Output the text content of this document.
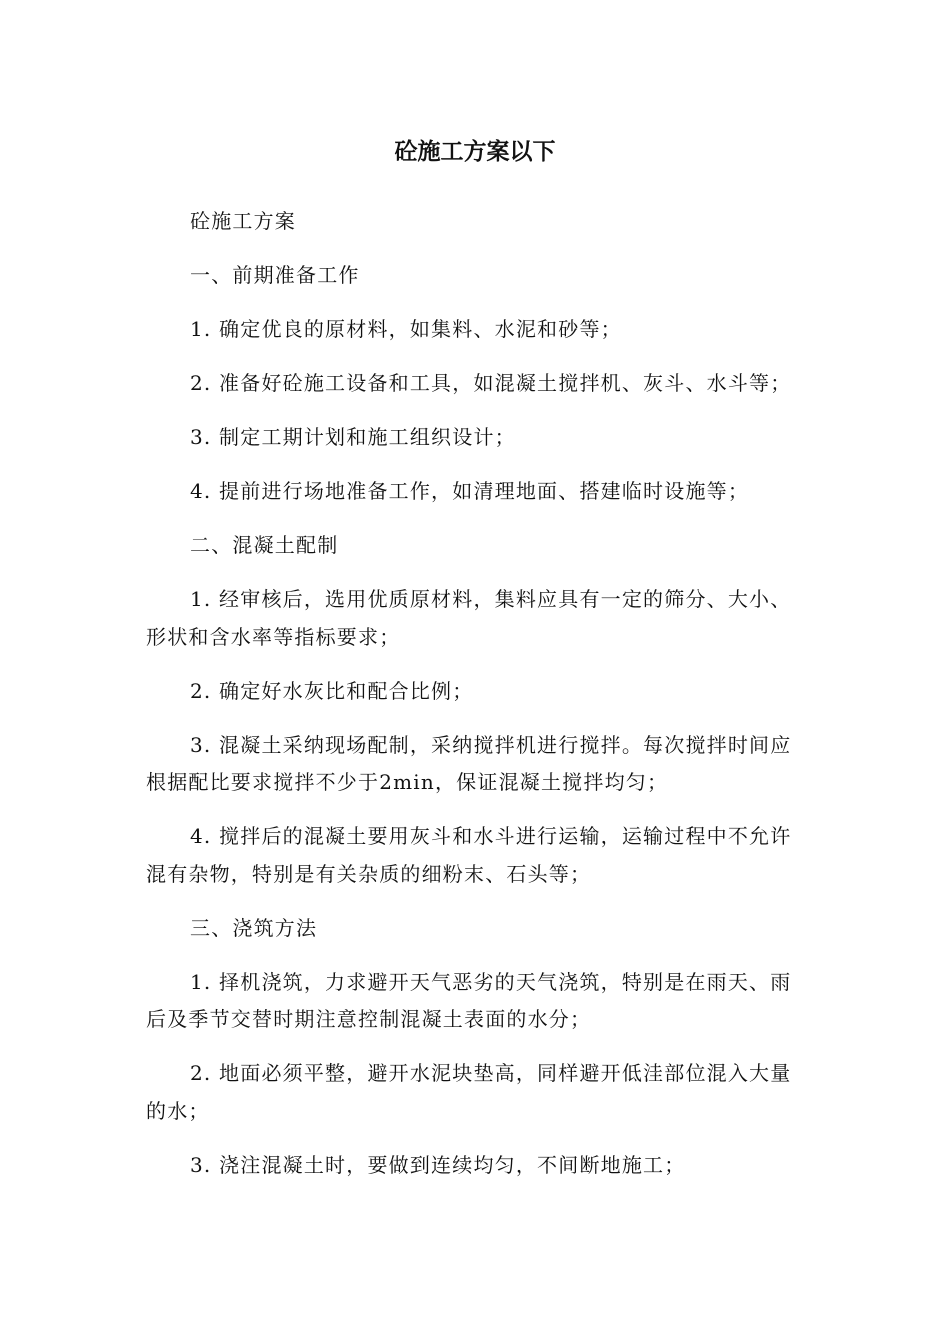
砼施工方案以下

砼施工方案

一、前期准备工作

1. 确定优良的原材料，如集料、水泥和砂等；

2. 准备好砼施工设备和工具，如混凝土搅拌机、灰斗、水斗等；

3. 制定工期计划和施工组织设计；

4. 提前进行场地准备工作，如清理地面、搭建临时设施等；

二、混凝土配制

1. 经审核后，选用优质原材料，集料应具有一定的筛分、大小、形状和含水率等指标要求；

2. 确定好水灰比和配合比例；

3. 混凝土采纳现场配制，采纳搅拌机进行搅拌。每次搅拌时间应根据配比要求搅拌不少于2min，保证混凝土搅拌均匀；

4. 搅拌后的混凝土要用灰斗和水斗进行运输，运输过程中不允许混有杂物，特别是有关杂质的细粉末、石头等；

三、浇筑方法

1. 择机浇筑，力求避开天气恶劣的天气浇筑，特别是在雨天、雨后及季节交替时期注意控制混凝土表面的水分；

2. 地面必须平整，避开水泥块垫高，同样避开低洼部位混入大量的水；

3. 浇注混凝土时，要做到连续均匀，不间断地施工；
